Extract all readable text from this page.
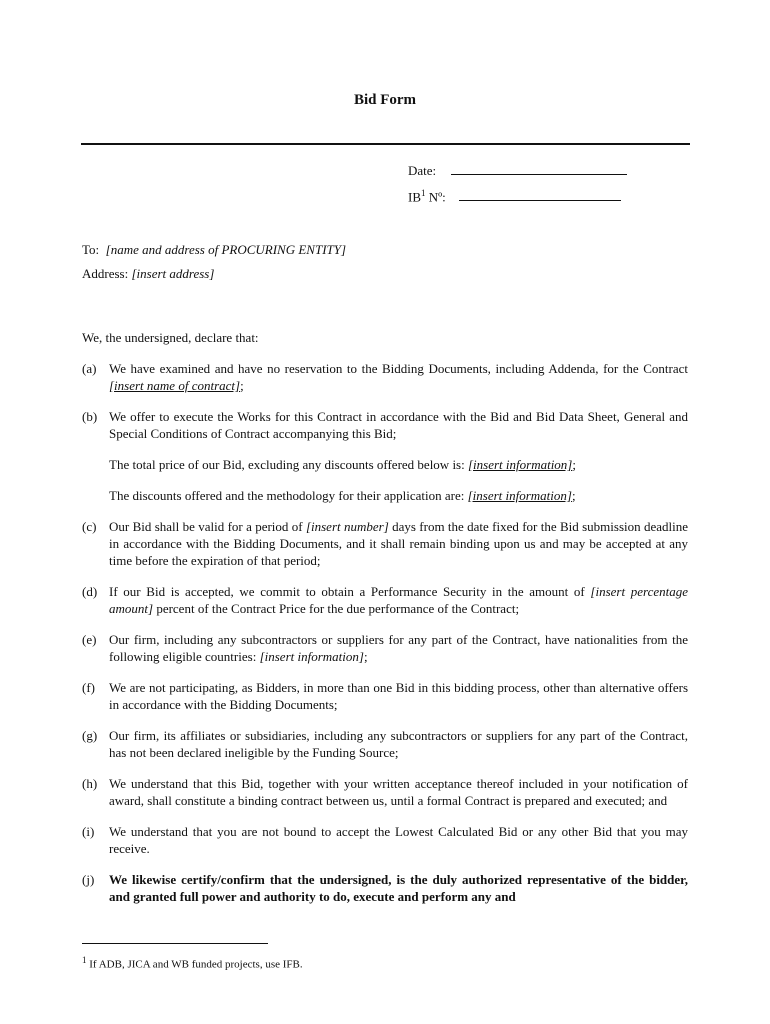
Bid Form
Date:
$IB^1$ Nº:
To: [name and address of PROCURING ENTITY]
Address: [insert address]
We, the undersigned, declare that:
(a) We have examined and have no reservation to the Bidding Documents, including Addenda, for the Contract [insert name of contract];
(b) We offer to execute the Works for this Contract in accordance with the Bid and Bid Data Sheet, General and Special Conditions of Contract accompanying this Bid;
The total price of our Bid, excluding any discounts offered below is: [insert information];
The discounts offered and the methodology for their application are: [insert information];
(c) Our Bid shall be valid for a period of [insert number] days from the date fixed for the Bid submission deadline in accordance with the Bidding Documents, and it shall remain binding upon us and may be accepted at any time before the expiration of that period;
(d) If our Bid is accepted, we commit to obtain a Performance Security in the amount of [insert percentage amount] percent of the Contract Price for the due performance of the Contract;
(e) Our firm, including any subcontractors or suppliers for any part of the Contract, have nationalities from the following eligible countries: [insert information];
(f)	We are not participating, as Bidders, in more than one Bid in this bidding process, other than alternative offers in accordance with the Bidding Documents;
(g) Our firm, its affiliates or subsidiaries, including any subcontractors or suppliers for any part of the Contract, has not been declared ineligible by the Funding Source;
(h) We understand that this Bid, together with your written acceptance thereof included in your notification of award, shall constitute a binding contract between us, until a formal Contract is prepared and executed; and
(i)	We understand that you are not bound to accept the Lowest Calculated Bid or any other Bid that you may receive.
(j)	We likewise certify/confirm that the undersigned, is the duly authorized representative of the bidder, and granted full power and authority to do, execute and perform any and
$^1$ If ADB, JICA and WB funded projects, use IFB.
